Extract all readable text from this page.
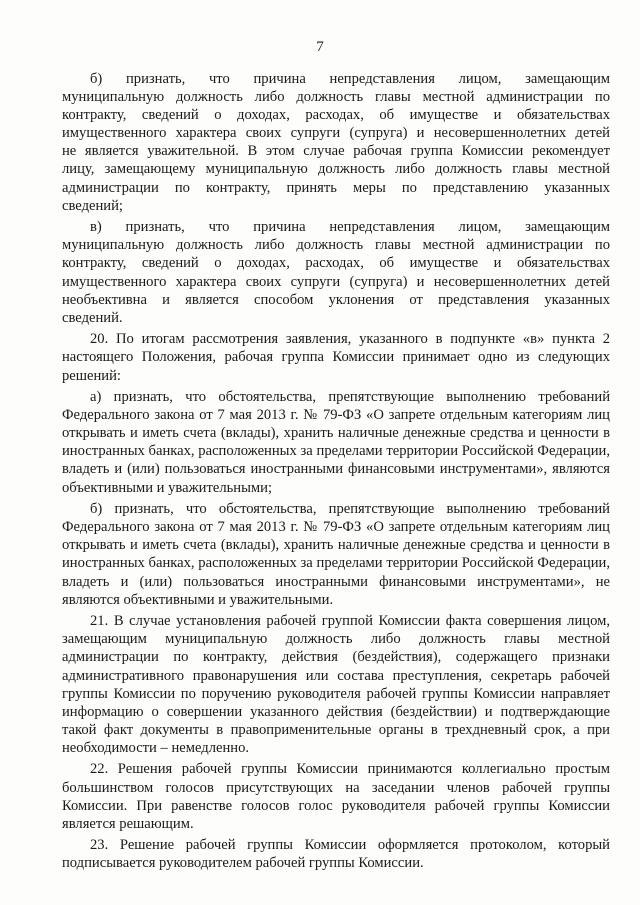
7

б) признать, что причина непредставления лицом, замещающим муниципальную должность либо должность главы местной администрации по контракту, сведений о доходах, расходах, об имуществе и обязательствах имущественного характера своих супруги (супруга) и несовершеннолетних детей не является уважительной. В этом случае рабочая группа Комиссии рекомендует лицу, замещающему муниципальную должность либо должность главы местной администрации по контракту, принять меры по представлению указанных сведений;

в) признать, что причина непредставления лицом, замещающим муниципальную должность либо должность главы местной администрации по контракту, сведений о доходах, расходах, об имуществе и обязательствах имущественного характера своих супруги (супруга) и несовершеннолетних детей необъективна и является способом уклонения от представления указанных сведений.

20. По итогам рассмотрения заявления, указанного в подпункте «в» пункта 2 настоящего Положения, рабочая группа Комиссии принимает одно из следующих решений:

а) признать, что обстоятельства, препятствующие выполнению требований Федерального закона от 7 мая 2013 г. № 79-ФЗ «О запрете отдельным категориям лиц открывать и иметь счета (вклады), хранить наличные денежные средства и ценности в иностранных банках, расположенных за пределами территории Российской Федерации, владеть и (или) пользоваться иностранными финансовыми инструментами», являются объективными и уважительными;

б) признать, что обстоятельства, препятствующие выполнению требований Федерального закона от 7 мая 2013 г. № 79-ФЗ «О запрете отдельным категориям лиц открывать и иметь счета (вклады), хранить наличные денежные средства и ценности в иностранных банках, расположенных за пределами территории Российской Федерации, владеть и (или) пользоваться иностранными финансовыми инструментами», не являются объективными и уважительными.

21. В случае установления рабочей группой Комиссии факта совершения лицом, замещающим муниципальную должность либо должность главы местной администрации по контракту, действия (бездействия), содержащего признаки административного правонарушения или состава преступления, секретарь рабочей группы Комиссии по поручению руководителя рабочей группы Комиссии направляет информацию о совершении указанного действия (бездействии) и подтверждающие такой факт документы в правоприменительные органы в трехдневный срок, а при необходимости – немедленно.

22. Решения рабочей группы Комиссии принимаются коллегиально простым большинством голосов присутствующих на заседании членов рабочей группы Комиссии. При равенстве голосов голос руководителя рабочей группы Комиссии является решающим.

23. Решение рабочей группы Комиссии оформляется протоколом, который подписывается руководителем рабочей группы Комиссии.
